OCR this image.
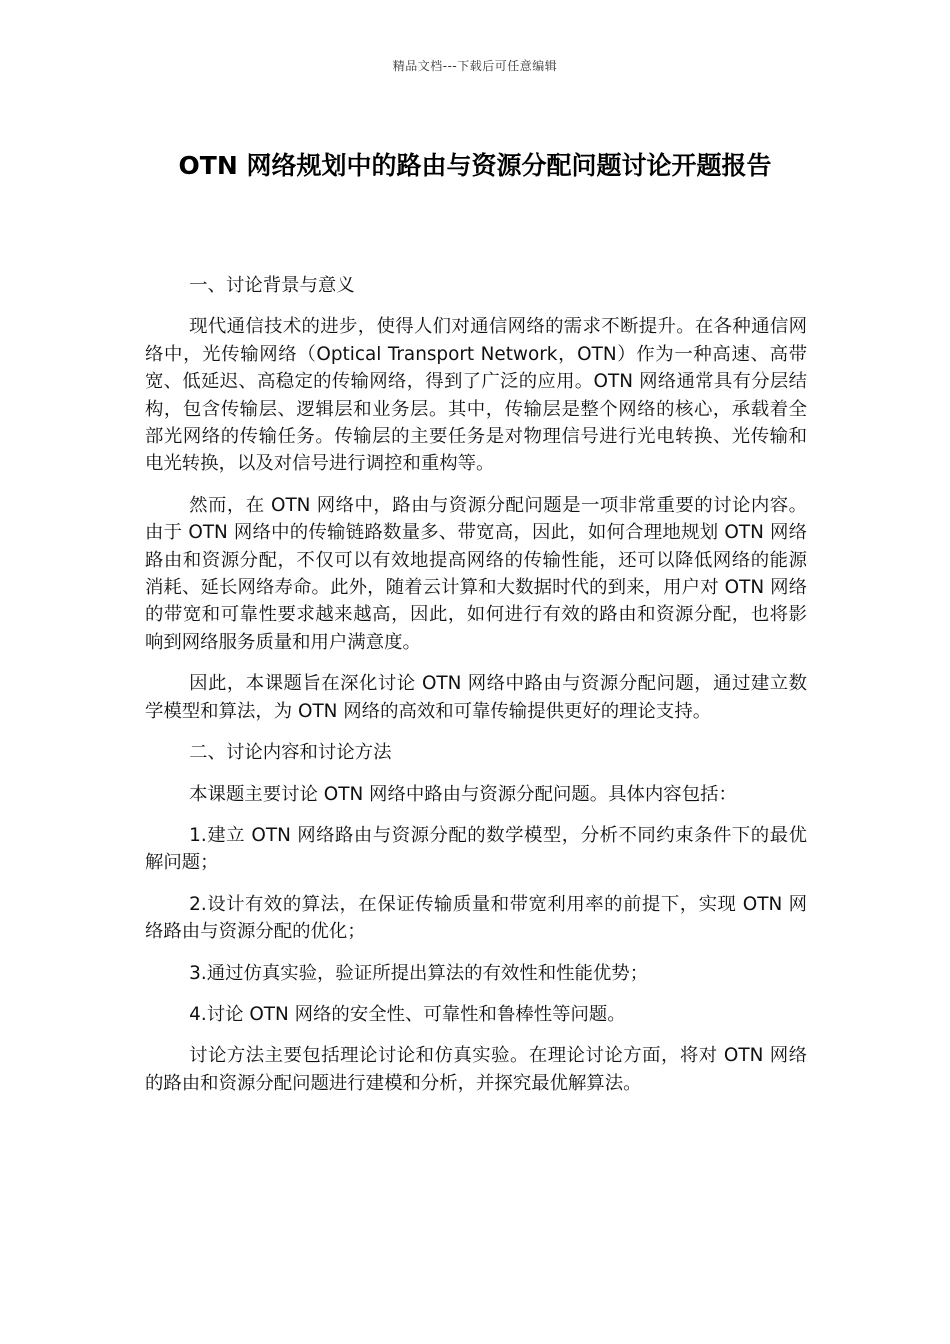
精品文档---下载后可任意编辑
OTN 网络规划中的路由与资源分配问题讨论开题报告

一、讨论背景与意义

现代通信技术的进步，使得人们对通信网络的需求不断提升。在各种通信网络中，光传输网络（Optical Transport Network，OTN）作为一种高速、高带宽、低延迟、高稳定的传输网络，得到了广泛的应用。OTN 网络通常具有分层结构，包含传输层、逻辑层和业务层。其中，传输层是整个网络的核心，承载着全部光网络的传输任务。传输层的主要任务是对物理信号进行光电转换、光传输和电光转换，以及对信号进行调控和重构等。

然而，在 OTN 网络中，路由与资源分配问题是一项非常重要的讨论内容。由于 OTN 网络中的传输链路数量多、带宽高，因此，如何合理地规划 OTN 网络路由和资源分配，不仅可以有效地提高网络的传输性能，还可以降低网络的能源消耗、延长网络寿命。此外，随着云计算和大数据时代的到来，用户对 OTN 网络的带宽和可靠性要求越来越高，因此，如何进行有效的路由和资源分配，也将影响到网络服务质量和用户满意度。

因此，本课题旨在深化讨论 OTN 网络中路由与资源分配问题，通过建立数学模型和算法，为 OTN 网络的高效和可靠传输提供更好的理论支持。

二、讨论内容和讨论方法

本课题主要讨论 OTN 网络中路由与资源分配问题。具体内容包括：

1.建立 OTN 网络路由与资源分配的数学模型，分析不同约束条件下的最优解问题；

2.设计有效的算法，在保证传输质量和带宽利用率的前提下，实现 OTN 网络路由与资源分配的优化；

3.通过仿真实验，验证所提出算法的有效性和性能优势；

4.讨论 OTN 网络的安全性、可靠性和鲁棒性等问题。

讨论方法主要包括理论讨论和仿真实验。在理论讨论方面，将对 OTN 网络的路由和资源分配问题进行建模和分析，并探究最优解算法。
